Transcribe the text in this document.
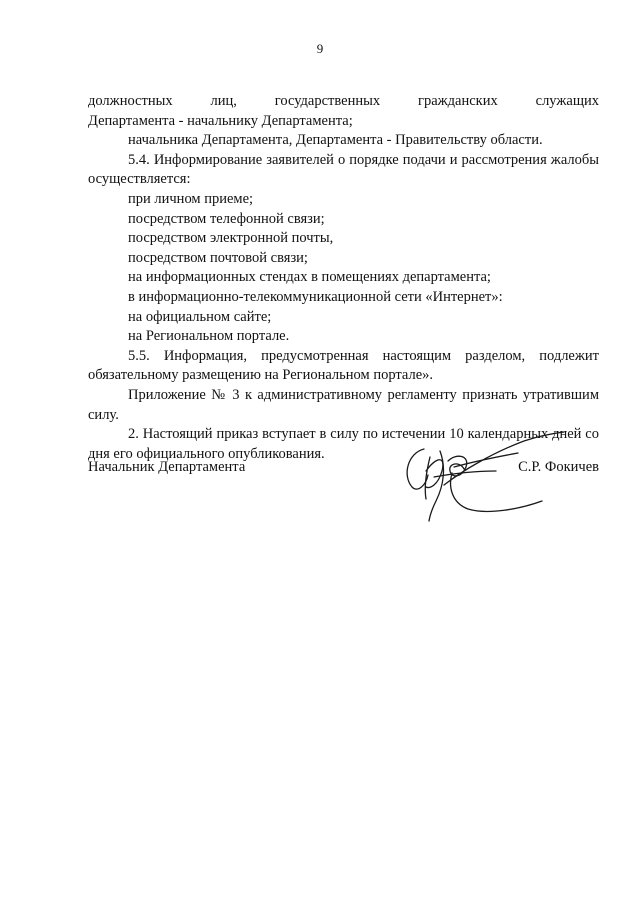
9

должностных лиц, государственных гражданских служащих

Департамента - начальнику Департамента;

начальника Департамента, Департамента - Правительству области.

5.4. Информирование заявителей о порядке подачи и рассмотрения жалобы осуществляется:

при личном приеме;

посредством телефонной связи;

посредством электронной почты,

посредством почтовой связи;

на информационных стендах в помещениях департамента;

в информационно-телекоммуникационной сети «Интернет»:

на официальном сайте;

на Региональном портале.

5.5. Информация, предусмотренная настоящим разделом, подлежит обязательному размещению на Региональном портале».

Приложение № 3 к административному регламенту признать утратившим силу.

2. Настоящий приказ вступает в силу по истечении 10 календарных дней со дня его официального опубликования.

Начальник Департамента	С.Р. Фокичев
